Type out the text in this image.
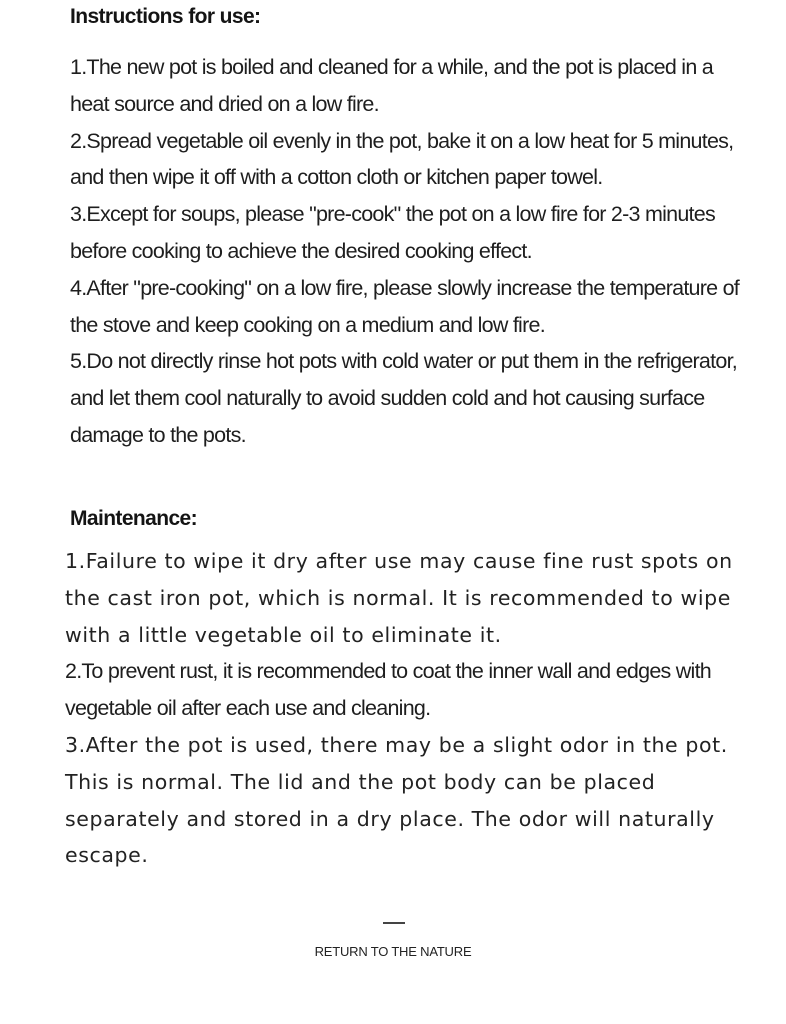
Instructions for use:

1.The new pot is boiled and cleaned for a while, and the pot is placed in a heat source and dried on a low fire.

2.Spread vegetable oil evenly in the pot, bake it on a low heat for 5 minutes, and then wipe it off with a cotton cloth or kitchen paper towel.

3.Except for soups, please "pre-cook" the pot on a low fire for 2-3 minutes before cooking to achieve the desired cooking effect.

4.After "pre-cooking" on a low fire, please slowly increase the temperature of the stove and keep cooking on a medium and low fire.

5.Do not directly rinse hot pots with cold water or put them in the refrigerator, and let them cool naturally to avoid sudden cold and hot causing surface damage to the pots.

Maintenance:

1.Failure to wipe it dry after use may cause fine rust spots on the cast iron pot, which is normal. It is recommended to wipe with a little vegetable oil to eliminate it.

2.To prevent rust, it is recommended to coat the inner wall and edges with vegetable oil after each use and cleaning.

3.After the pot is used, there may be a slight odor in the pot. This is normal. The lid and the pot body can be placed separately and stored in a dry place. The odor will naturally escape.

RETURN TO THE NATURE
